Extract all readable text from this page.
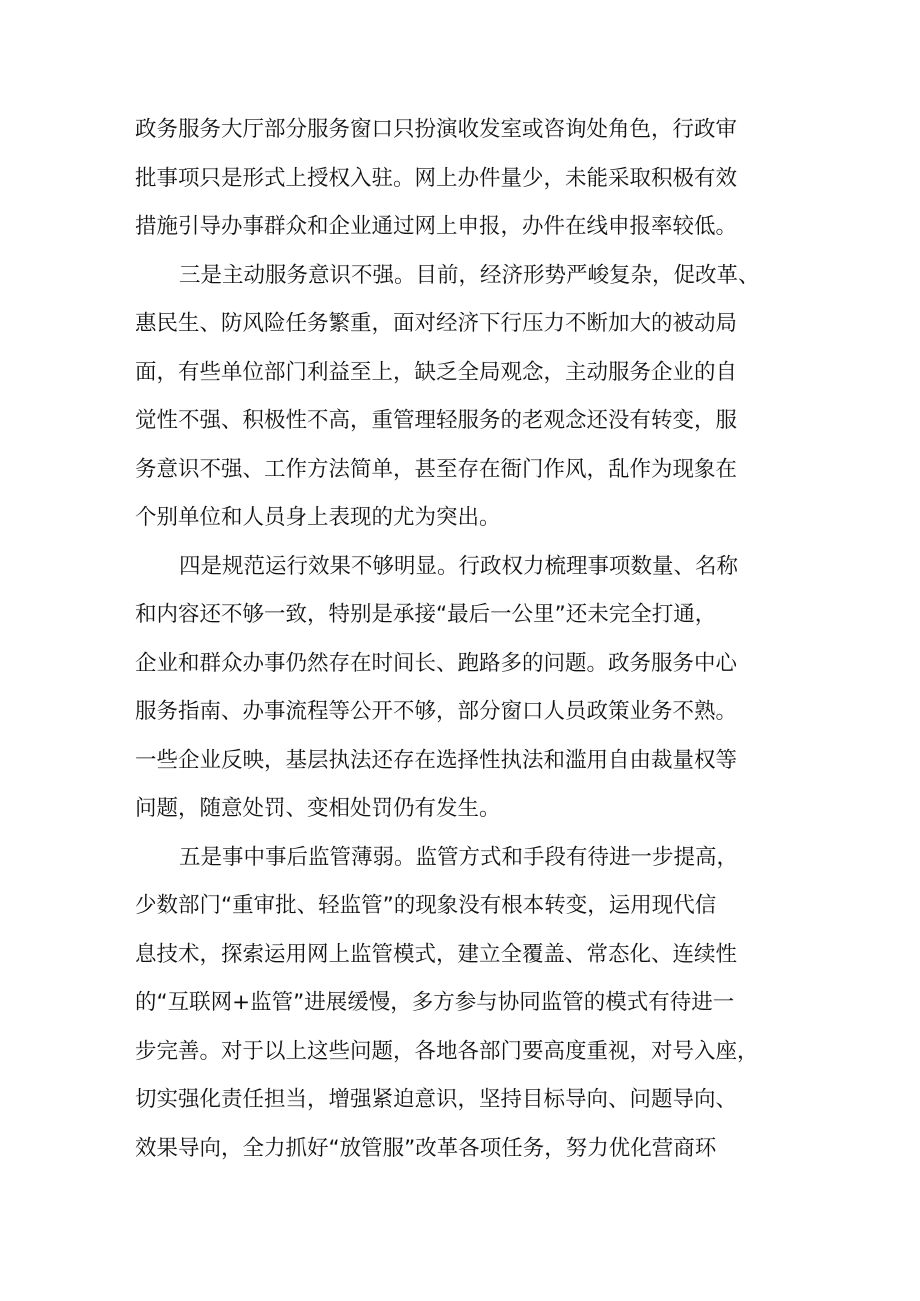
政务服务大厅部分服务窗口只扮演收发室或咨询处角色，行政审
批事项只是形式上授权入驻。网上办件量少，未能采取积极有效
措施引导办事群众和企业通过网上申报，办件在线申报率较低。
三是主动服务意识不强。目前，经济形势严峻复杂，促改革、
惠民生、防风险任务繁重，面对经济下行压力不断加大的被动局
面，有些单位部门利益至上，缺乏全局观念，主动服务企业的自
觉性不强、积极性不高，重管理轻服务的老观念还没有转变，服
务意识不强、工作方法简单，甚至存在衙门作风，乱作为现象在
个别单位和人员身上表现的尤为突出。
四是规范运行效果不够明显。行政权力梳理事项数量、名称
和内容还不够一致，特别是承接“最后一公里”还未完全打通，
企业和群众办事仍然存在时间长、跑路多的问题。政务服务中心
服务指南、办事流程等公开不够，部分窗口人员政策业务不熟。
一些企业反映，基层执法还存在选择性执法和滥用自由裁量权等
问题，随意处罚、变相处罚仍有发生。
五是事中事后监管薄弱。监管方式和手段有待进一步提高，
少数部门“重审批、轻监管”的现象没有根本转变，运用现代信
息技术，探索运用网上监管模式，建立全覆盖、常态化、连续性
的“互联网+监管”进展缓慢，多方参与协同监管的模式有待进一
步完善。对于以上这些问题，各地各部门要高度重视，对号入座，
切实强化责任担当，增强紧迫意识，坚持目标导向、问题导向、
效果导向，全力抓好“放管服”改革各项任务，努力优化营商环
